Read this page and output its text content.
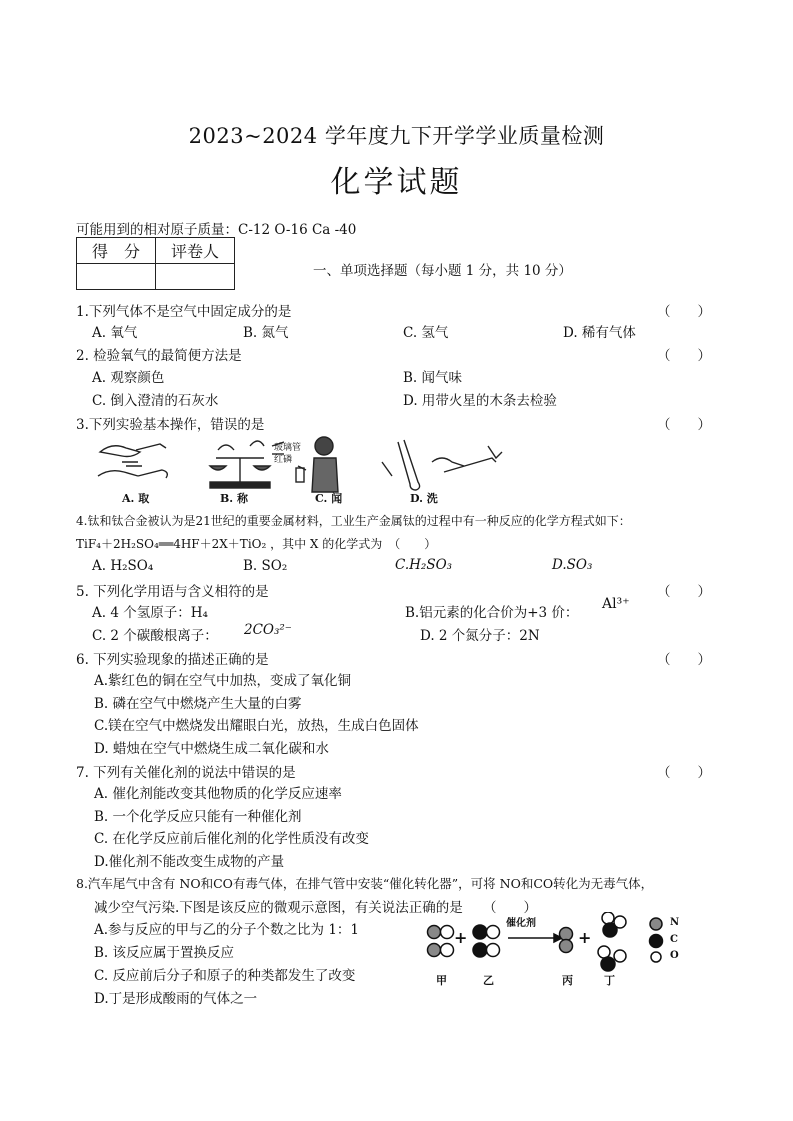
2023~2024 学年度九下开学学业质量检测
化学试题
可能用到的相对原子质量：C-12 O-16 Ca -40
得　分	评卷人

一、单项选择题（每小题 1 分，共 10 分）
1.下列气体不是空气中固定成分的是	（　　）
A. 氧气	B. 氮气	C. 氢气	D. 稀有气体
2. 检验氧气的最简便方法是	（　　）
A. 观察颜色	B. 闻气味
C. 倒入澄清的石灰水	D. 用带火星的木条去检验
3.下列实验基本操作，错误的是	（　　）
玻璃管
红磷
A. 取	B. 称	C. 闻	D. 洗
4.钛和钛合金被认为是21世纪的重要金属材料，工业生产金属钛的过程中有一种反应的化学方程式如下：
TiF₄＋2H₂SO₄══4HF＋2X＋TiO₂ ，其中 X 的化学式为　（　　）
A. H₂SO₄	B. SO₂	C.H₂SO₃	D.SO₃
5. 下列化学用语与含义相符的是	（　　）
A. 4 个氢原子：H₄	B.铝元素的化合价为+3 价：
Al³⁺
C. 2 个碳酸根离子： 2CO₃²⁻	D. 2 个氮分子：2N
6. 下列实验现象的描述正确的是	（　　）
A.紫红色的铜在空气中加热，变成了氧化铜
B. 磷在空气中燃烧产生大量的白雾
C.镁在空气中燃烧发出耀眼白光，放热，生成白色固体
D. 蜡烛在空气中燃烧生成二氧化碳和水
7. 下列有关催化剂的说法中错误的是	（　　）
A. 催化剂能改变其他物质的化学反应速率
B. 一个化学反应只能有一种催化剂
C. 在化学反应前后催化剂的化学性质没有改变
D.催化剂不能改变生成物的产量
8.汽车尾气中含有 NO和CO有毒气体，在排气管中安装“催化转化器”，可将 NO和CO转化为无毒气体，
减少空气污染.下图是该反应的微观示意图，有关说法正确的是　　（　　）
A.参与反应的甲与乙的分子个数之比为 1：1
B. 该反应属于置换反应
C. 反应前后分子和原子的种类都发生了改变
D.丁是形成酸雨的气体之一
催化剂
+	+
N
C
O
甲	乙	丙	丁
